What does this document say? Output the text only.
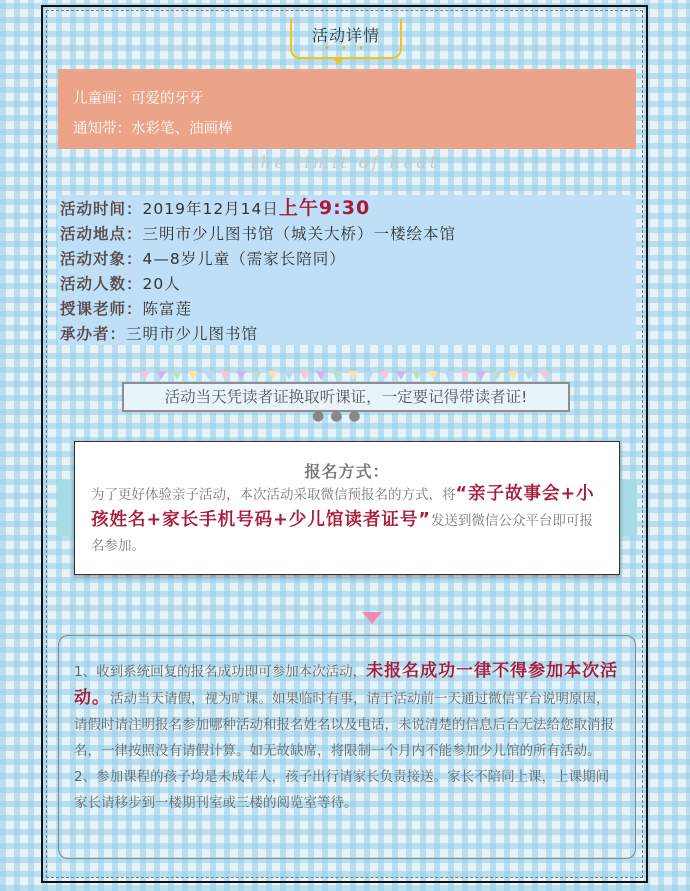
活动详情
• • •
儿童画：可爱的牙牙
通知带：水彩笔、油画棒
the limit of heat
活动时间：2019年12月14日上午9:30
活动地点：三明市少儿图书馆（城关大桥）一楼绘本馆
活动对象：4—8岁儿童（需家长陪同）
活动人数：20人
授课老师：陈富莲
承办者：三明市少儿图书馆
活动当天凭读者证换取听课证，一定要记得带读者证!
●●●
报名方式：
为了更好体验亲子活动，本次活动采取微信预报名的方式，将“亲子故事会+小孩姓名+家长手机号码+少儿馆读者证号”发送到微信公众平台即可报名参加。

1、收到系统回复的报名成功即可参加本次活动，未报名成功一律不得参加本次活动。活动当天请假，视为旷课。如果临时有事，请于活动前一天通过微信平台说明原因，请假时请注明报名参加哪种活动和报名姓名以及电话，未说清楚的信息后台无法给您取消报名，一律按照没有请假计算。如无故缺席，将限制一个月内不能参加少儿馆的所有活动。

2、参加课程的孩子均是未成年人，孩子出行请家长负责接送。家长不陪同上课，上课期间家长请移步到一楼期刊室或三楼的阅览室等待。
